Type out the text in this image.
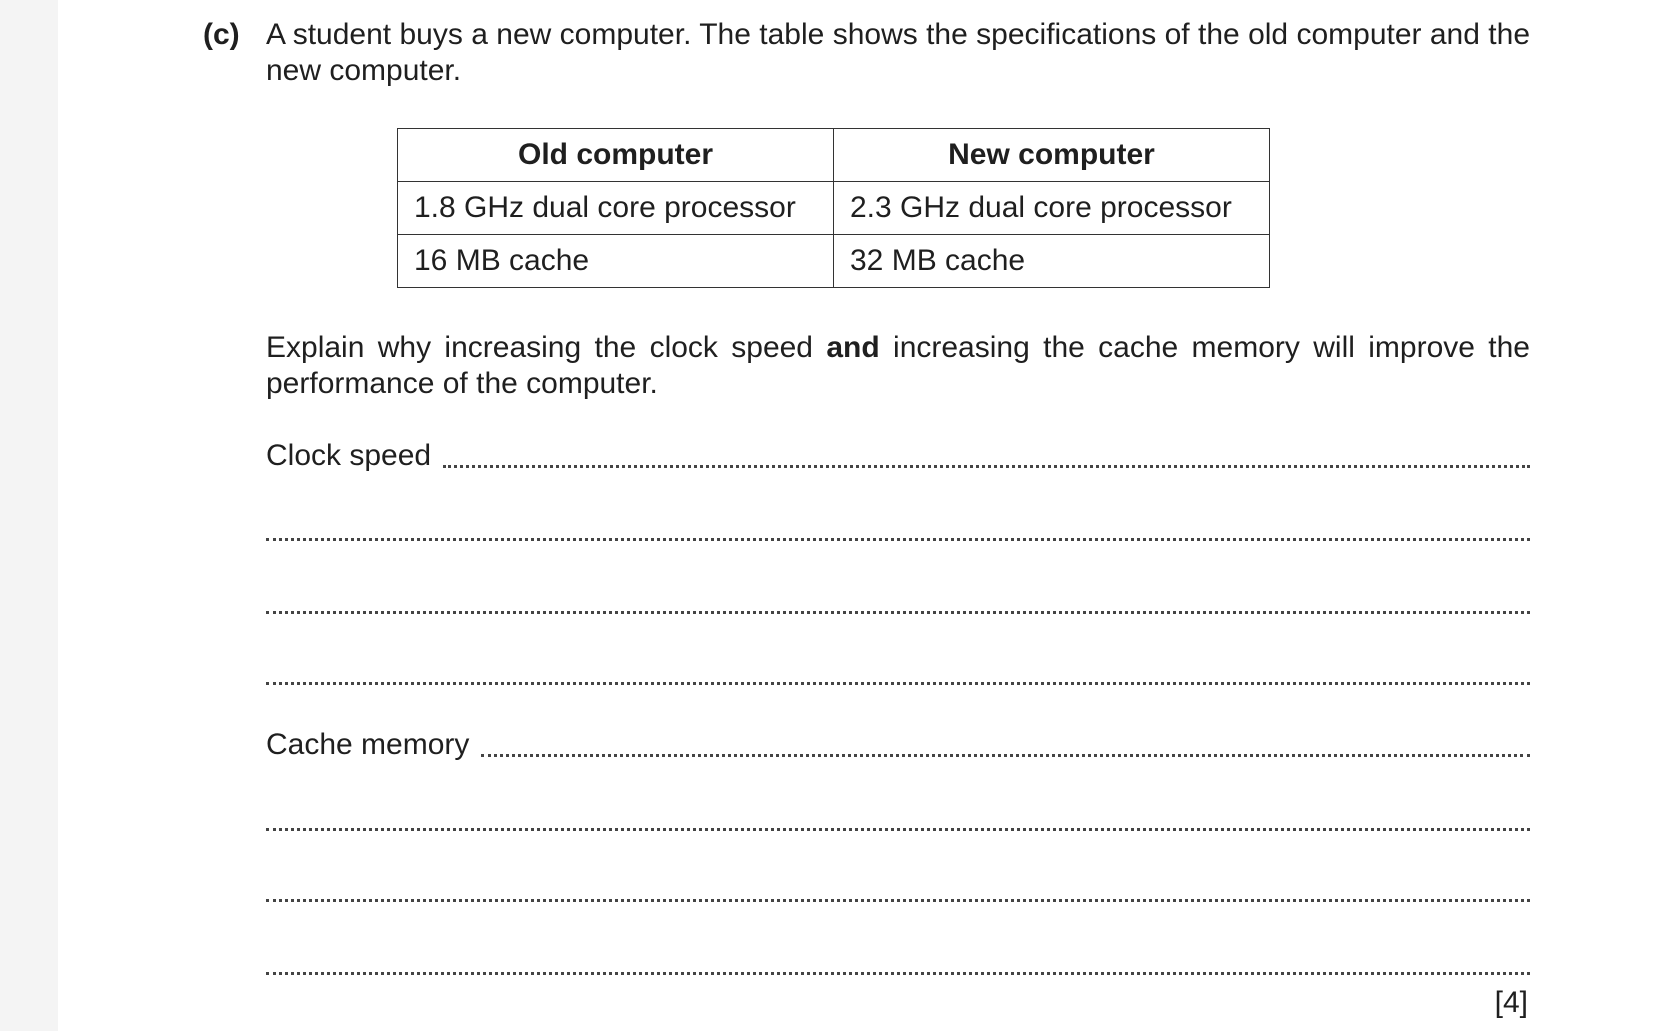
(c) A student buys a new computer. The table shows the specifications of the old computer and the new computer.

Old computer	New computer
1.8 GHz dual core processor	2.3 GHz dual core processor
16 MB cache	32 MB cache

Explain why increasing the clock speed and increasing the cache memory will improve the performance of the computer.

Clock speed
Cache memory
[4]
